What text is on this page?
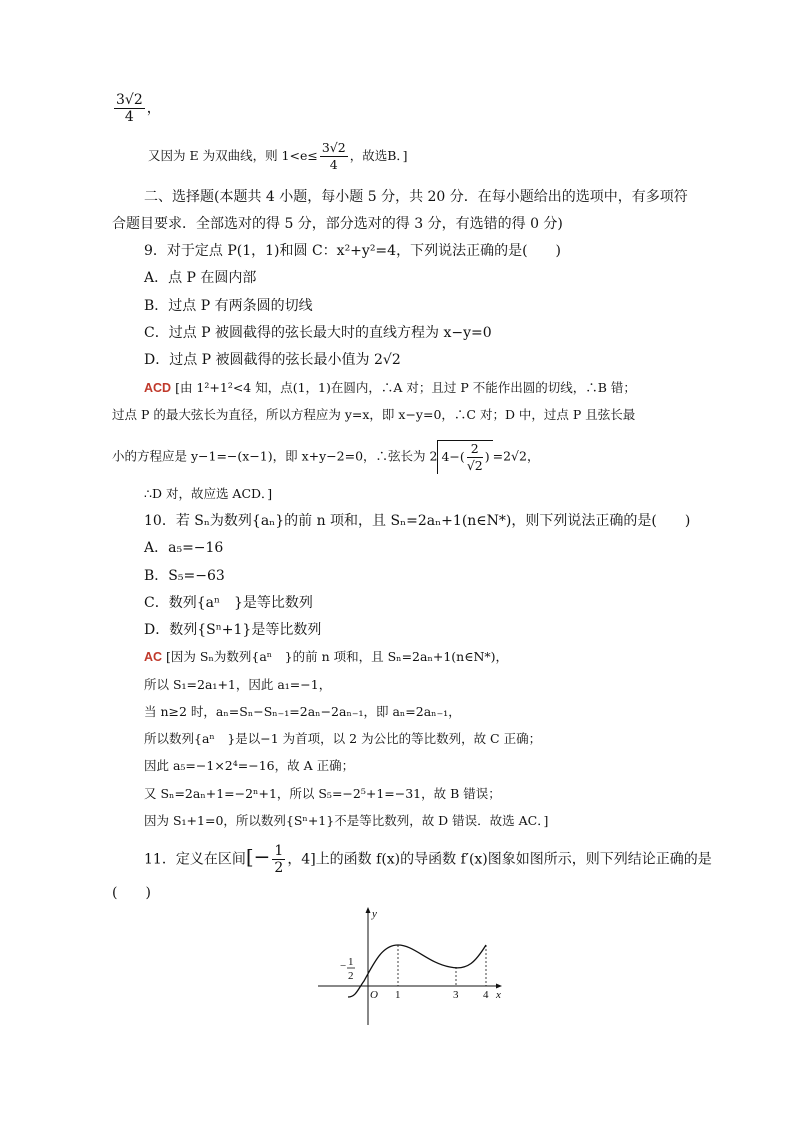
$\frac{3√2}{4}$ ，
又因为 E 为双曲线，则 $1<e\le \frac{3√2}{4}$ ，故选B．]
二、选择题(本题共 4 小题，每小题 5 分，共 20 分．在每小题给出的选项中，有多项符
合题目要求．全部选对的得 5 分，部分选对的得 3 分，有选错的得 0 分)
9．对于定点 P(1，1)和圆 C：x²+y²=4，下列说法正确的是(　　)
A．点 P 在圆内部
B．过点 P 有两条圆的切线
C．过点 P 被圆截得的弦长最大时的直线方程为 x−y=0
D．过点 P 被圆截得的弦长最小值为 2√2
ACD [由 1²+1²<4 知，点(1，1)在圆内，∴A 对；且过 P 不能作出圆的切线，∴B 错；
过点 P 的最大弦长为直径，所以方程应为 y=x，即 x−y=0，∴C 对；D 中，过点 P 且弦长最
小的方程应是 y−1=−(x−1)，即 x+y−2=0，∴弦长为 2 $4-( \frac{2}{√2}$ ) =2√2，
∴D 对，故应选 ACD．]
10．若 Sₙ为数列{aₙ}的前 n 项和，且 Sₙ=2aₙ+1(n∈N*)，则下列说法正确的是(　　)
A．a₅=−16
B．S₅=−63
C．数列{aⁿ　}是等比数列
D．数列{Sⁿ+1}是等比数列
AC [因为 Sₙ为数列{aⁿ　}的前 n 项和，且 Sₙ=2aₙ+1(n∈N*)，
所以 S₁=2a₁+1，因此 a₁=−1，
当 n≥2 时，aₙ=Sₙ−Sₙ₋₁=2aₙ−2aₙ₋₁，即 aₙ=2aₙ₋₁，
所以数列{aⁿ　}是以−1 为首项，以 2 为公比的等比数列，故 C 正确；
因此 a₅=−1×2⁴=−16，故 A 正确；
又 Sₙ=2aₙ+1=−2ⁿ+1，所以 S₅=−2⁵+1=−31，故 B 错误；
因为 S₁+1=0，所以数列{Sⁿ+1}不是等比数列，故 D 错误．故选 AC．]
11．定义在区间[− $\frac{1}{2}$ ，4]上的函数 f(x)的导函数 f′(x)图象如图所示，则下列结论正确的是
(　　)
y
x
O
− 1
2
1	3 4
